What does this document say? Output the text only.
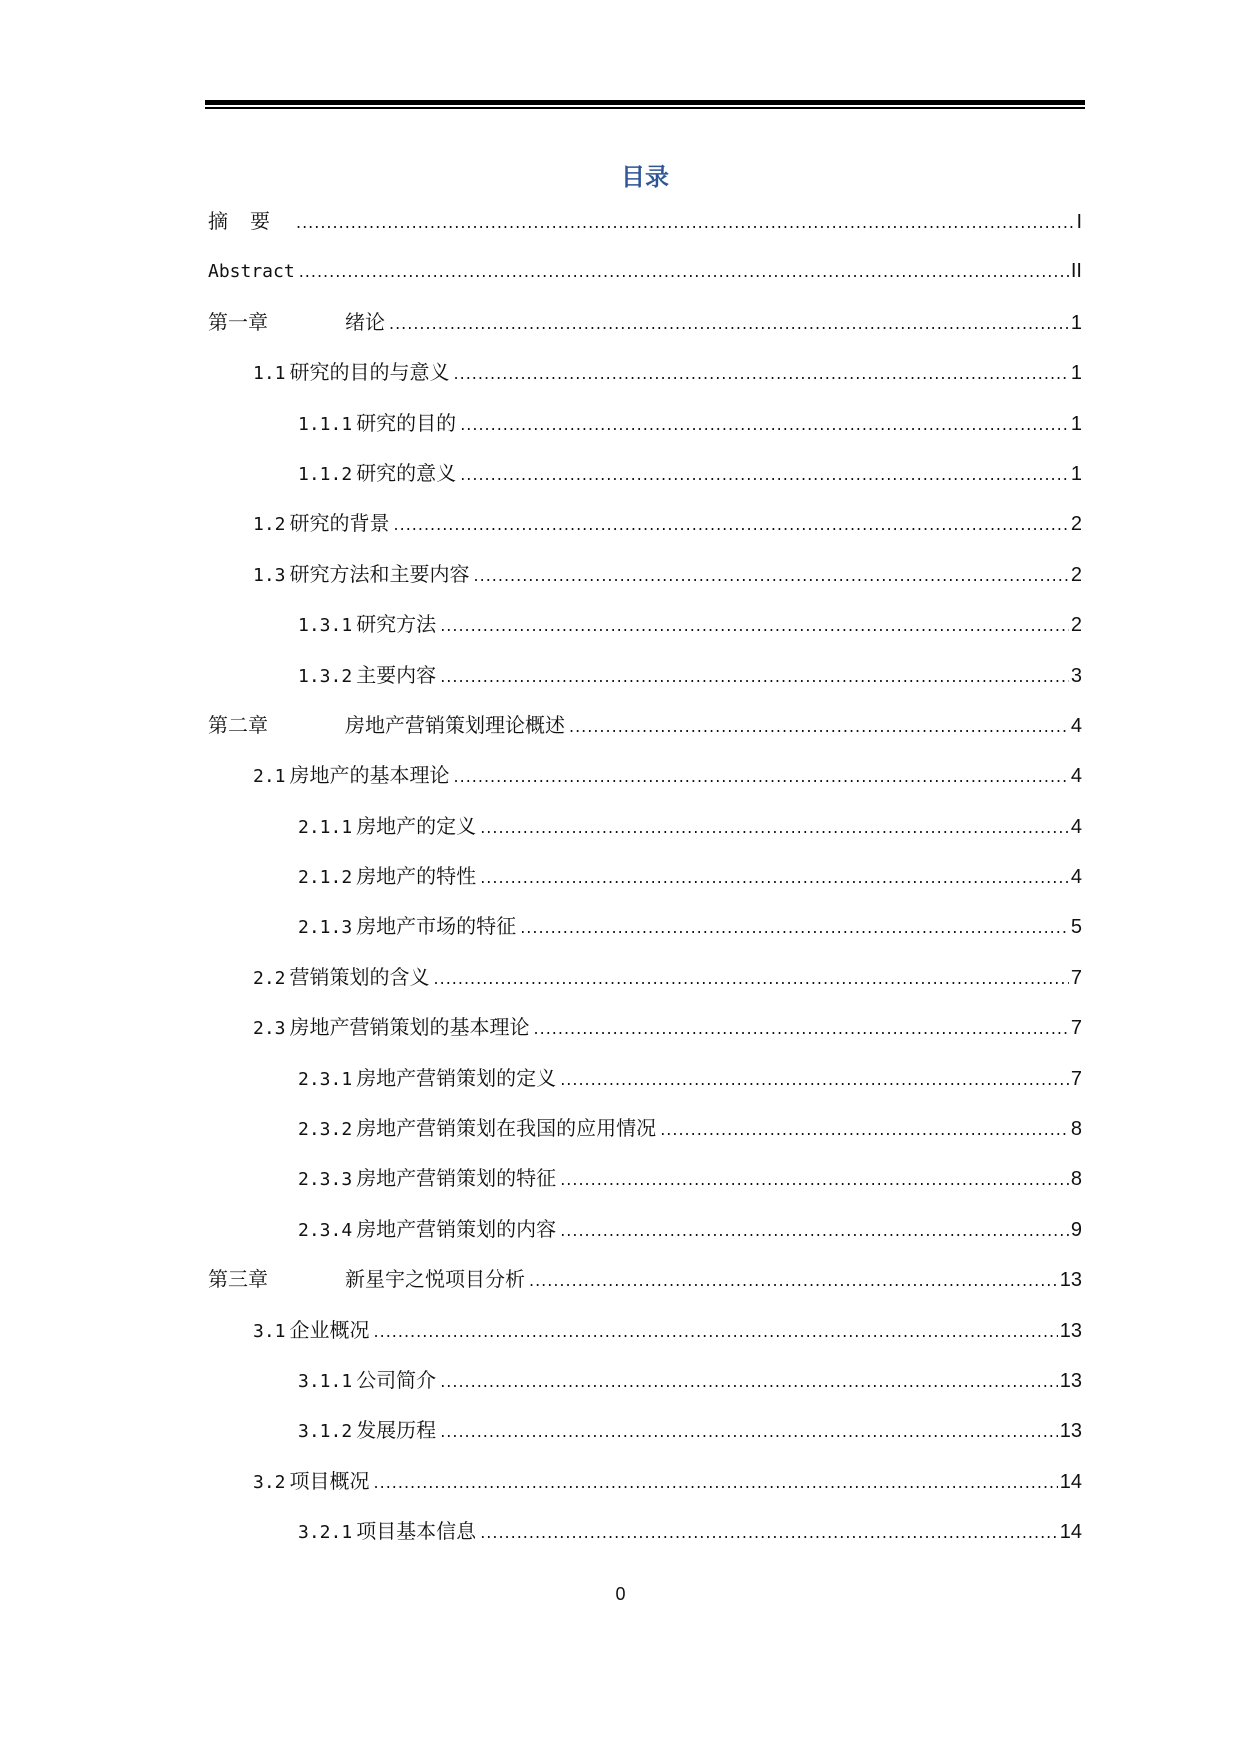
目录
摘要 .....	I
Abstract .....	II
第一章	绪论 .....	1
1.1 研究的目的与意义 .....	1
1.1.1 研究的目的 .....	1
1.1.2 研究的意义 .....	1
1.2 研究的背景 .....	2
1.3 研究方法和主要内容 .....	2
1.3.1 研究方法 .....	2
1.3.2 主要内容 .....	3
第二章	房地产营销策划理论概述 .....	4
2.1 房地产的基本理论 .....	4
2.1.1 房地产的定义 .....	4
2.1.2 房地产的特性 .....	4
2.1.3 房地产市场的特征 .....	5
2.2 营销策划的含义 .....	7
2.3 房地产营销策划的基本理论 .....	7
2.3.1 房地产营销策划的定义 .....	7
2.3.2 房地产营销策划在我国的应用情况 .....	8
2.3.3 房地产营销策划的特征 .....	8
2.3.4 房地产营销策划的内容 .....	9
第三章	新星宇之悦项目分析 .....	13
3.1 企业概况 .....	13
3.1.1 公司简介 .....	13
3.1.2 发展历程 .....	13
3.2 项目概况 .....	14
3.2.1 项目基本信息 .....	14
0
